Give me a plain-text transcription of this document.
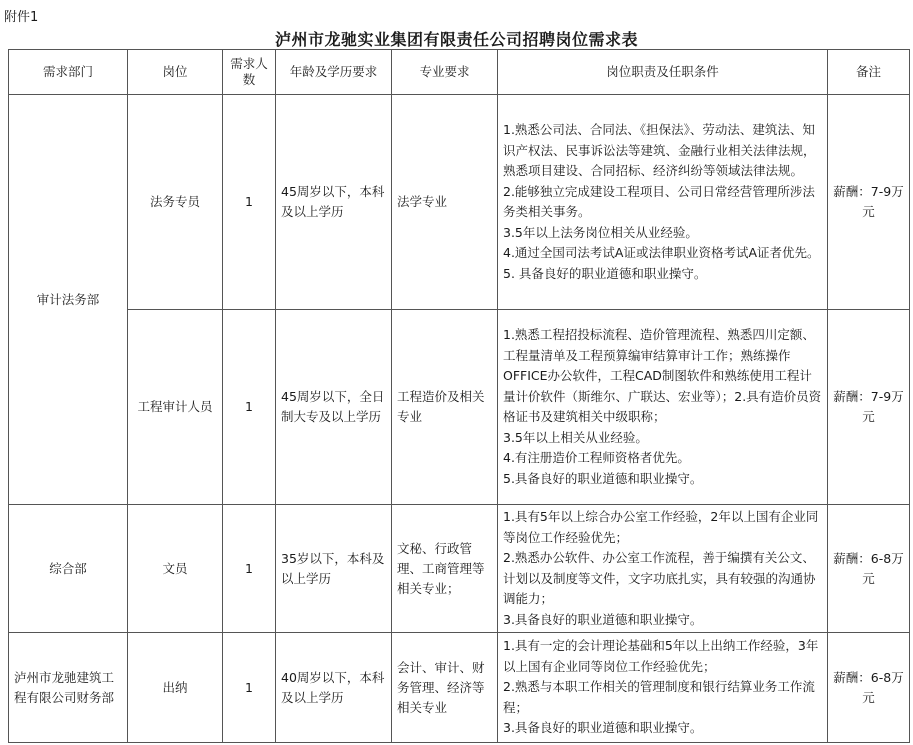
附件1
泸州市龙驰实业集团有限责任公司招聘岗位需求表
需求部门	岗位	需求人数	年龄及学历要求	专业要求	岗位职责及任职条件	备注
审计法务部	法务专员	1	45周岁以下，本科及以上学历	法学专业	1.熟悉公司法、合同法、《担保法》、劳动法、建筑法、知识产权法、民事诉讼法等建筑、金融行业相关法律法规，熟悉项目建设、合同招标、经济纠纷等领域法律法规。

2.能够独立完成建设工程项目、公司日常经营管理所涉法务类相关事务。

3.5年以上法务岗位相关从业经验。

4.通过全国司法考试A证或法律职业资格考试A证者优先。

5. 具备良好的职业道德和职业操守。	薪酬：7-9万元
	工程审计人员	1	45周岁以下，全日制大专及以上学历	工程造价及相关专业	1.熟悉工程招投标流程、造价管理流程、熟悉四川定额、工程量清单及工程预算编审结算审计工作；熟练操作OFFICE办公软件，工程CAD制图软件和熟练使用工程计量计价软件（斯维尔、广联达、宏业等）；2.具有造价员资格证书及建筑相关中级职称；

3.5年以上相关从业经验。

4.有注册造价工程师资格者优先。

5.具备良好的职业道德和职业操守。	薪酬：7-9万元
综合部	文员	1	35岁以下，本科及以上学历	文秘、行政管理、工商管理等相关专业；	1.具有5年以上综合办公室工作经验，2年以上国有企业同等岗位工作经验优先；

2.熟悉办公软件、办公室工作流程，善于编撰有关公文、计划以及制度等文件，文字功底扎实，具有较强的沟通协调能力；

3.具备良好的职业道德和职业操守。	薪酬：6-8万元
泸州市龙驰建筑工程有限公司财务部	出纳	1	40周岁以下，本科及以上学历	会计、审计、财务管理、经济等相关专业	1.具有一定的会计理论基础和5年以上出纳工作经验，3年以上国有企业同等岗位工作经验优先；

2.熟悉与本职工作相关的管理制度和银行结算业务工作流程；

3.具备良好的职业道德和职业操守。	薪酬：6-8万元
